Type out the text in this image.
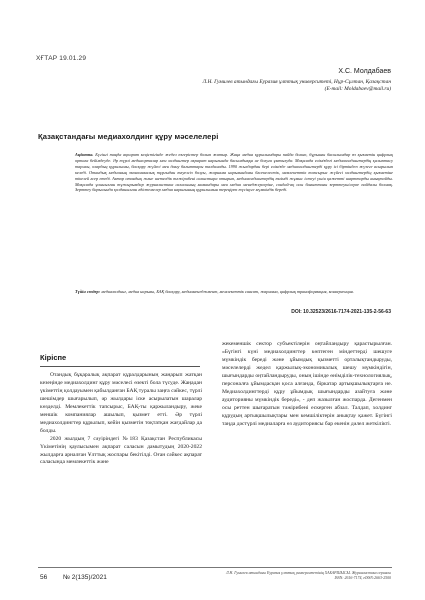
ХҒТАР 19.01.29
Х.С. Молдабаев
Л.Н. Гумилев атындағы Еуразия ұлттық университеті, Нұр-Сұлтан, Қазақстан
(E-mail: Moldabaev@mail.ru)
Қазақстандағы медиахолдинг құру мәселелері
Аңдатпа. Бүгінгі таңда ақпарат кеңістігінде жедел өзгерістер болып жатыр. Жаңа медиа құрылымдары пайда болып, бұрынғы басылымдар өз қызметін цифрлық ортаға бейімдеуде. Әр түрлі медиаорталар мен холдингтер ақпарат нарығында басымдыққа ие болуға ұмтылуда. Мақалада еліміздегі медиахолдингтердің қалыптасу тарихы, олардың құрылымы, басқару жүйесі мен даму бағыттары талданады. 1990 жылдардан бері елімізде медиахолдингтерді құру ісі біртіндеп жүзеге асырылып келеді. Отандық медианың экономикалық тұрғыдан тәуелсіз болуы, жарнама нарығындағы бәсекелестік, мемлекеттік тапсырыс жүйесі холдингтердің қызметіне тікелей әсер етеді. Автор отандық және шетелдік тәжірибені салыстыра отырып, медиахолдингтердің тиімді жұмыс істеуі үшін қажетті шарттарды анықтайды. Мақалада ұсынылған тұжырымдар журналистика саласының мамандары мен медиа менеджерлеріне, сондай-ақ осы бағыттағы зерттеушілерге пайдалы болмақ. Зерттеу барысында қолданылған әдістемелер медиа нарығының құрылымын тереңірек түсінуге мүмкіндік береді.
Түйін сөздер: медиахолдинг, медиа нарығы, БАҚ басқару, медиаменеджмент, мемлекеттік саясат, жарнама, цифрлық трансформация, конвергенция.
DOI: 10.32523/2616-7174-2021-135-2-56-63
Кіріспе

Отандық бұқаралық ақпарат құралдарының жаңарып жатқан кезеңінде медиахолдинг құру мәселесі өзекті бола түсуде. Жаңадан үкіметтің қолдауымен қабылданған БАҚ туралы заңға сәйкес, түрлі шешімдер шығарылып, әр жылдары іске асырылатын шаралар көзделді. Мемлекеттік тапсырыс, БАҚ-ты қаржыландыру, жеке меншік компаниялар ашылып, қызмет етті. Әр түрлі медиахолдингтер құрылып, кейін қызметін тоқтатқан жағдайлар да болды.

2020 жылдың 7 сәуіріндегі №183 Қазақстан Республикасы Үкіметінің қаулысымен ақпарат саласын дамытудың 2020-2022 жылдарға арналған Ұлттық жоспары бекітілді. Оған сәйкес ақпарат саласында мемлекеттік және

жекеменшік сектор субъектілерін оңтайландыру қарастырылған. «Бүгінгі күні медиахолдингтер көптеген міндеттерді шешуге мүмкіндік береді және ұйымдық қызметті орталықтандыруды, мәселелерді жедел қаржылық-экономикалық шешу мүмкіндігін, шығындарды оңтайландыруды, оның ішінде өнімділік-технологиялық, персоналға ұйымдасқан қоса алғанда, біркатар артықшылықтарға не. Медиахолдингтерді құру ұйымдық шығындарды азайтуға және аудиторияны мүмкіндік береді», - деп жазылған жоспарда. Дегенмен осы реттен шығаратын тәжірибені ескерген абзал. Талдап, холдинг құрудың артықшылықтары мен кемшіліктерін анықтау қажет. Бүгінгі таңда дәстүрлі медиаларға өз аудиториясы бар екенін дәлел жеткілікті.

56 № 2(135)/2021
Л.Н. Гумилев атындағы Еуразия ұлттық университетінің ХАБАРШЫСЫ. Журналистика сериясы
ISSN: 2616-7174, eISSN:2663-2500
